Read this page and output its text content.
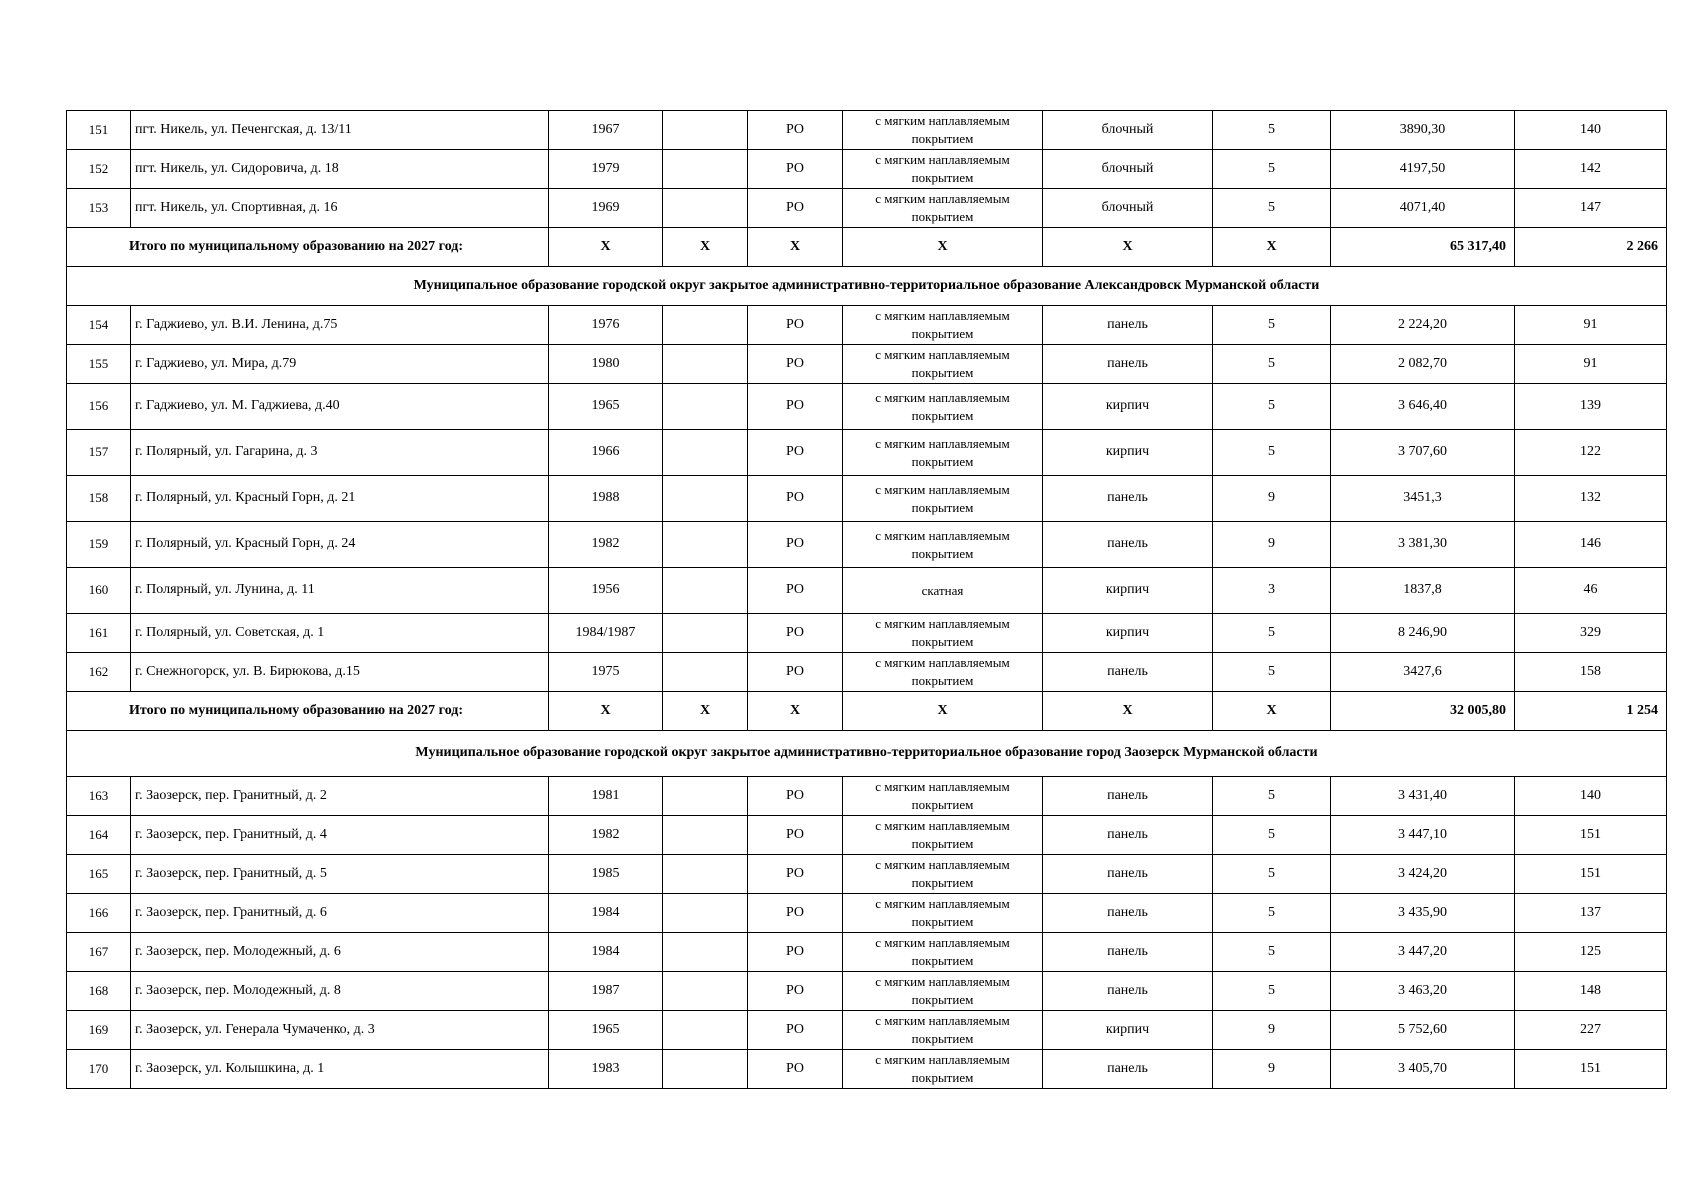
151	пгт. Никель, ул. Печенгская, д. 13/11	1967		РО	с мягким наплавляемым покрытием	блочный	5	3890,30	140
152	пгт. Никель, ул. Сидоровича, д. 18	1979		РО	с мягким наплавляемым покрытием	блочный	5	4197,50	142
153	пгт. Никель, ул. Спортивная, д. 16	1969		РО	с мягким наплавляемым покрытием	блочный	5	4071,40	147
Итого по муниципальному образованию на 2027 год:		Х	Х	Х	Х	Х	Х	65 317,40	2 266
Муниципальное образование городской округ закрытое административно-территориальное образование Александровск Мурманской области									
154	г. Гаджиево, ул. В.И. Ленина, д.75	1976		РО	с мягким наплавляемым покрытием	панель	5	2 224,20	91
155	г. Гаджиево, ул. Мира, д.79	1980		РО	с мягким наплавляемым покрытием	панель	5	2 082,70	91
156	г. Гаджиево, ул. М. Гаджиева, д.40	1965		РО	с мягким наплавляемым покрытием	кирпич	5	3 646,40	139
157	г. Полярный, ул. Гагарина, д. 3	1966		РО	с мягким наплавляемым покрытием	кирпич	5	3 707,60	122
158	г. Полярный, ул. Красный Горн, д. 21	1988		РО	с мягким наплавляемым покрытием	панель	9	3451,3	132
159	г. Полярный, ул. Красный Горн, д. 24	1982		РО	с мягким наплавляемым покрытием	панель	9	3 381,30	146
160	г. Полярный, ул. Лунина, д. 11	1956		РО	скатная	кирпич	3	1837,8	46
161	г. Полярный, ул. Советская, д. 1	1984/1987		РО	с мягким наплавляемым покрытием	кирпич	5	8 246,90	329
162	г. Снежногорск, ул. В. Бирюкова, д.15	1975		РО	с мягким наплавляемым покрытием	панель	5	3427,6	158
Итого по муниципальному образованию на 2027 год:		Х	Х	Х	Х	Х	Х	32 005,80	1 254
Муниципальное образование городской округ закрытое административно-территориальное образование город Заозерск Мурманской области									
163	г. Заозерск, пер. Гранитный, д. 2	1981		РО	с мягким наплавляемым покрытием	панель	5	3 431,40	140
164	г. Заозерск, пер. Гранитный, д. 4	1982		РО	с мягким наплавляемым покрытием	панель	5	3 447,10	151
165	г. Заозерск, пер. Гранитный, д. 5	1985		РО	с мягким наплавляемым покрытием	панель	5	3 424,20	151
166	г. Заозерск, пер. Гранитный, д. 6	1984		РО	с мягким наплавляемым покрытием	панель	5	3 435,90	137
167	г. Заозерск, пер. Молодежный, д. 6	1984		РО	с мягким наплавляемым покрытием	панель	5	3 447,20	125
168	г. Заозерск, пер. Молодежный, д. 8	1987		РО	с мягким наплавляемым покрытием	панель	5	3 463,20	148
169	г. Заозерск, ул. Генерала Чумаченко, д. 3	1965		РО	с мягким наплавляемым покрытием	кирпич	9	5 752,60	227
170	г. Заозерск, ул. Колышкина, д. 1	1983		РО	с мягким наплавляемым покрытием	панель	9	3 405,70	151
